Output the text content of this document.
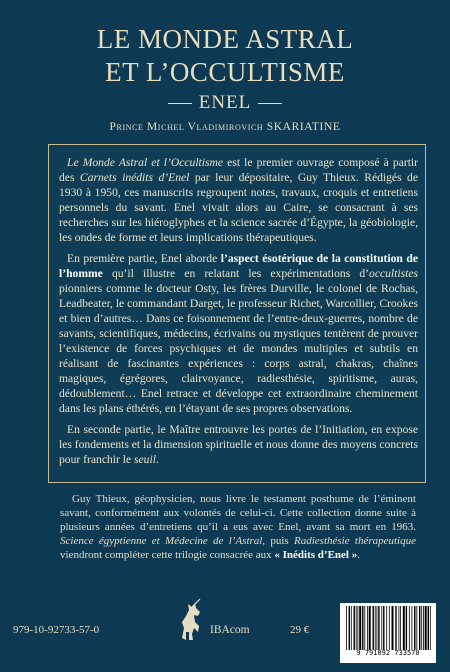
LE MONDE ASTRAL
ET L’OCCULTISME
ENEL
Prince Michel Vladimirovich SKARIATINE

Le Monde Astral et l’Occultisme est le premier ouvrage composé à partir des Carnets inédits d’Enel par leur dépositaire, Guy Thieux. Rédigés de 1930 à 1950, ces manuscrits regroupent notes, travaux, croquis et entretiens personnels du savant. Enel vivait alors au Caire, se consacrant à ses recherches sur les hiéroglyphes et la science sacrée d’Égypte, la géobiologie, les ondes de forme et leurs implications thérapeutiques.

En première partie, Enel aborde l’aspect ésotérique de la constitution de l’homme qu’il illustre en relatant les expérimentations d’occultistes pionniers comme le docteur Osty, les frères Durville, le colonel de Rochas, Leadbeater, le commandant Darget, le professeur Richet, Warcollier, Crookes et bien d’autres… Dans ce foisonnement de l’entre-deux-guerres, nombre de savants, scientifiques, médecins, écrivains ou mystiques tentèrent de prouver l’existence de forces psychiques et de mondes multiples et subtils en réalisant de fascinantes expériences : corps astral, chakras, chaînes magiques, égrégores, clairvoyance, radiesthésie, spiritisme, auras, dédoublement… Enel retrace et développe cet extraordinaire cheminement dans les plans éthérés, en l’étayant de ses propres observations.

En seconde partie, le Maître entrouvre les portes de l’Initiation, en expose les fondements et la dimension spirituelle et nous donne des moyens concrets pour franchir le seuil.

Guy Thieux, géophysicien, nous livre le testament posthume de l’éminent savant, conformément aux volontés de celui-ci. Cette collection donne suite à plusieurs années d’entretiens qu’il a eus avec Enel, avant sa mort en 1963. Science égyptienne et Médecine de l’Astral, puis Radiesthésie thérapeutique viendront compléter cette trilogie consacrée aux « Inédits d’Enel ».

979-10-92733-57-0	IBAcom	29 €
9 791092 733570
